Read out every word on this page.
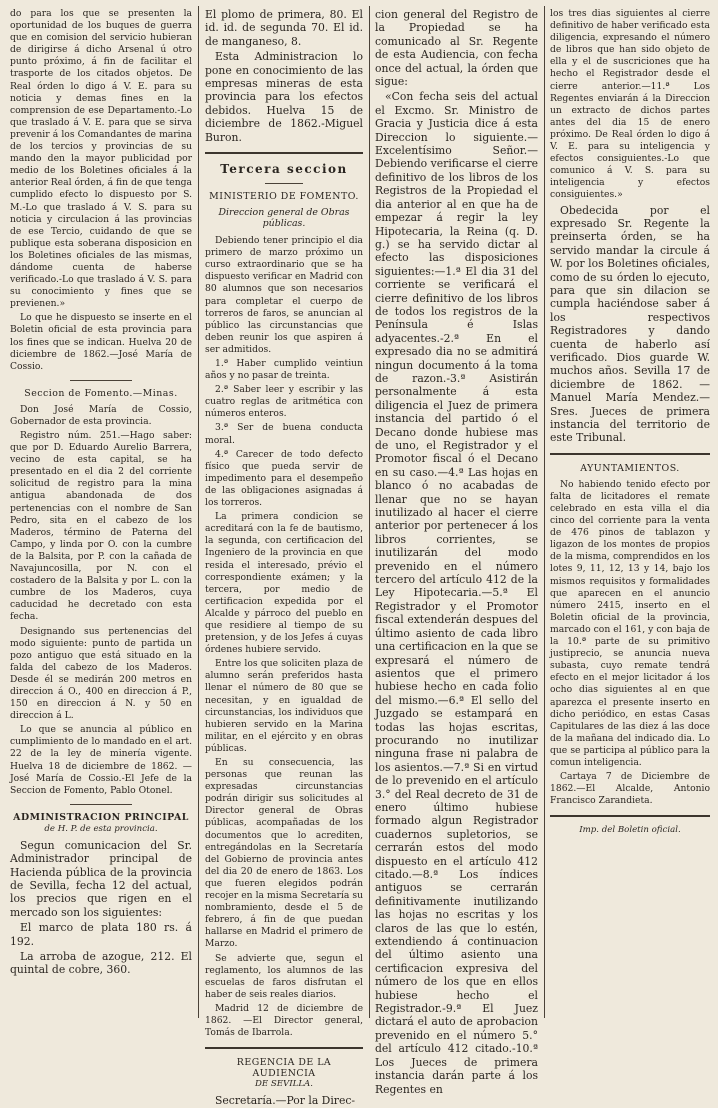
do para los que se presenten la oportunidad de los buques de guerra que en comision del servicio hubieran de dirigirse á dicho Arsenal ú otro punto próximo, á fin de facilitar el trasporte de los citados objetos. De Real órden lo digo á V. E. para su noticia y demas fines en la comprension de ese Departamento.-Lo que traslado á V. E. para que se sirva prevenir á los Comandantes de marina de los tercios y provincias de su mando den la mayor publicidad por medio de los Boletines oficiales á la anterior Real órden, á fin de que tenga cumplido efecto lo dispuesto por S. M.-Lo que traslado á V. S. para su noticia y circulacion á las provincias de ese Tercio, cuidando de que se publique esta soberana disposicion en los Boletines oficiales de las mismas, dándome cuenta de haberse verificado.-Lo que traslado á V. S. para su conocimiento y fines que se previenen.»

Lo que he dispuesto se inserte en el Boletin oficial de esta provincia para los fines que se indican. Huelva 20 de diciembre de 1862.—José María de Cossio.

Seccion de Fomento.—Minas.

Don José María de Cossio, Gobernador de esta provincia.

Registro núm. 251.—Hago saber: que por D. Eduardo Aurelio Barrera, vecino de esta capital, se ha presentado en el dia 2 del corriente solicitud de registro para la mina antigua abandonada de dos pertenencias con el nombre de San Pedro, sita en el cabezo de los Maderos, término de Paterna del Campo, y linda por O. con la cumbre de la Balsita, por P. con la cañada de Navajuncosilla, por N. con el costadero de la Balsita y por L. con la cumbre de los Maderos, cuya caducidad he decretado con esta fecha.

Designando sus pertenencias del modo siguiente: punto de partida un pozo antiguo que está situado en la falda del cabezo de los Maderos. Desde él se medirán 200 metros en direccion á O., 400 en direccion á P., 150 en direccion á N. y 50 en direccion á L.

Lo que se anuncia al público en cumplimiento de lo mandado en el art. 22 de la ley de minería vigente. Huelva 18 de diciembre de 1862. —José María de Cossio.-El Jefe de la Seccion de Fomento, Pablo Otonel.

ADMINISTRACION PRINCIPAL
de H. P. de esta provincia.

Segun comunicacion del Sr. Administrador principal de Hacienda pública de la provincia de Sevilla, fecha 12 del actual, los precios que rigen en el mercado son los siguientes:

El marco de plata 180 rs. á 192.

La arroba de azogue, 212. El quintal de cobre, 360.

El plomo de primera, 80. El id. id. de segunda 70. El id. de manganeso, 8.

Esta Administracion lo pone en conocimiento de las empresas mineras de esta provincia para los efectos debidos. Huelva 15 de diciembre de 1862.-Miguel Buron.

Tercera seccion
MINISTERIO DE FOMENTO.
Direccion general de Obras públicas.

Debiendo tener principio el dia primero de marzo próximo un curso extraordinario que se ha dispuesto verificar en Madrid con 80 alumnos que son necesarios para completar el cuerpo de torreros de faros, se anuncian al público las circunstancias que deben reunir los que aspiren á ser admitidos.

1.ª Haber cumplido veintiun años y no pasar de treinta.

2.ª Saber leer y escribir y las cuatro reglas de aritmética con números enteros.

3.ª Ser de buena conducta moral.

4.ª Carecer de todo defecto físico que pueda servir de impedimento para el desempeño de las obligaciones asignadas á los torreros.

La primera condicion se acreditará con la fe de bautismo, la segunda, con certificacion del Ingeniero de la provincia en que resida el interesado, prévio el correspondiente exámen; y la tercera, por medio de certificacion expedida por el Alcalde y párroco del pueblo en que residiere al tiempo de su pretension, y de los Jefes á cuyas órdenes hubiere servido.

Entre los que soliciten plaza de alumno serán preferidos hasta llenar el número de 80 que se necesitan, y en igualdad de circunstancias, los individuos que hubieren servido en la Marina militar, en el ejército y en obras públicas.

En su consecuencia, las personas que reunan las expresadas circunstancias podrán dirigir sus solicitudes al Director general de Obras públicas, acompañadas de los documentos que lo acrediten, entregándolas en la Secretaría del Gobierno de provincia antes del dia 20 de enero de 1863. Los que fueren elegidos podrán recojer en la misma Secretaría su nombramiento, desde el 5 de febrero, á fin de que puedan hallarse en Madrid el primero de Marzo.

Se advierte que, segun el reglamento, los alumnos de las escuelas de faros disfrutan el haber de seis reales diarios.

Madrid 12 de diciembre de 1862. —El Director general, Tomás de Ibarrola.

REGENCIA DE LA AUDIENCIA
DE SEVILLA.

Secretaría.—Por la Direc-

cion general del Registro de la Propiedad se ha comunicado al Sr. Regente de esta Audiencia, con fecha once del actual, la órden que sigue:

«Con fecha seis del actual el Excmo. Sr. Ministro de Gracia y Justicia dice á esta Direccion lo siguiente.—Excelentísimo Señor.—Debiendo verificarse el cierre definitivo de los libros de los Registros de la Propiedad el dia anterior al en que ha de empezar á regir la ley Hipotecaria, la Reina (q. D. g.) se ha servido dictar al efecto las disposiciones siguientes:—1.ª El dia 31 del corriente se verificará el cierre definitivo de los libros de todos los registros de la Península é Islas adyacentes.-2.ª En el expresado dia no se admitirá ningun documento á la toma de razon.-3.ª Asistirán personalmente á esta diligencia el Juez de primera instancia del partido ó el Decano donde hubiese mas de uno, el Registrador y el Promotor fiscal ó el Decano en su caso.—4.ª Las hojas en blanco ó no acabadas de llenar que no se hayan inutilizado al hacer el cierre anterior por pertenecer á los libros corrientes, se inutilizarán del modo prevenido en el número tercero del artículo 412 de la Ley Hipotecaria.—5.ª El Registrador y el Promotor fiscal extenderán despues del último asiento de cada libro una certificacion en la que se expresará el número de asientos que el primero hubiese hecho en cada folio del mismo.—6.ª El sello del Juzgado se estampará en todas las hojas escritas, procurando no inutilizar ninguna frase ni palabra de los asientos.—7.ª Si en virtud de lo prevenido en el artículo 3.° del Real decreto de 31 de enero último hubiese formado algun Registrador cuadernos supletorios, se cerrarán estos del modo dispuesto en el artículo 412 citado.—8.ª Los índices antiguos se cerrarán definitivamente inutilizando las hojas no escritas y los claros de las que lo estén, extendiendo á continuacion del último asiento una certificacion expresiva del número de los que en ellos hubiese hecho el Registrador.-9.ª El Juez dictará el auto de aprobacion prevenido en el número 5.° del artículo 412 citado.-10.ª Los Jueces de primera instancia darán parte á los Regentes en

los tres dias siguientes al cierre definitivo de haber verificado esta diligencia, expresando el número de libros que han sido objeto de ella y el de suscriciones que ha hecho el Registrador desde el cierre anterior.—11.ª Los Regentes enviarán á la Direccion un extracto de dichos partes antes del dia 15 de enero próximo. De Real órden lo digo á V. E. para su inteligencia y efectos consiguientes.-Lo que comunico á V. S. para su inteligencia y efectos consiguientes.»

Obedecida por el expresado Sr. Regente la preinserta órden, se ha servido mandar la circule á W. por los Boletines oficiales, como de su órden lo ejecuto, para que sin dilacion se cumpla haciéndose saber á los respectivos Registradores y dando cuenta de haberlo así verificado. Dios guarde W. muchos años. Sevilla 17 de diciembre de 1862. —Manuel María Mendez.— Sres. Jueces de primera instancia del territorio de este Tribunal.

AYUNTAMIENTOS.

No habiendo tenido efecto por falta de licitadores el remate celebrado en esta villa el dia cinco del corriente para la venta de 476 pinos de tablazon y ligazon de los montes de propios de la misma, comprendidos en los lotes 9, 11, 12, 13 y 14, bajo los mismos requisitos y formalidades que aparecen en el anuncio número 2415, inserto en el Boletin oficial de la provincia, marcado con el 161, y con baja de la 10.ª parte de su primitivo justiprecio, se anuncia nueva subasta, cuyo remate tendrá efecto en el mejor licitador á los ocho dias siguientes al en que aparezca el presente inserto en dicho periódico, en estas Casas Capitulares de las diez á las doce de la mañana del indicado dia. Lo que se participa al público para la comun inteligencia.

Cartaya 7 de Diciembre de 1862.—El Alcalde, Antonio Francisco Zarandieta.

Imp. del Boletin oficial.
